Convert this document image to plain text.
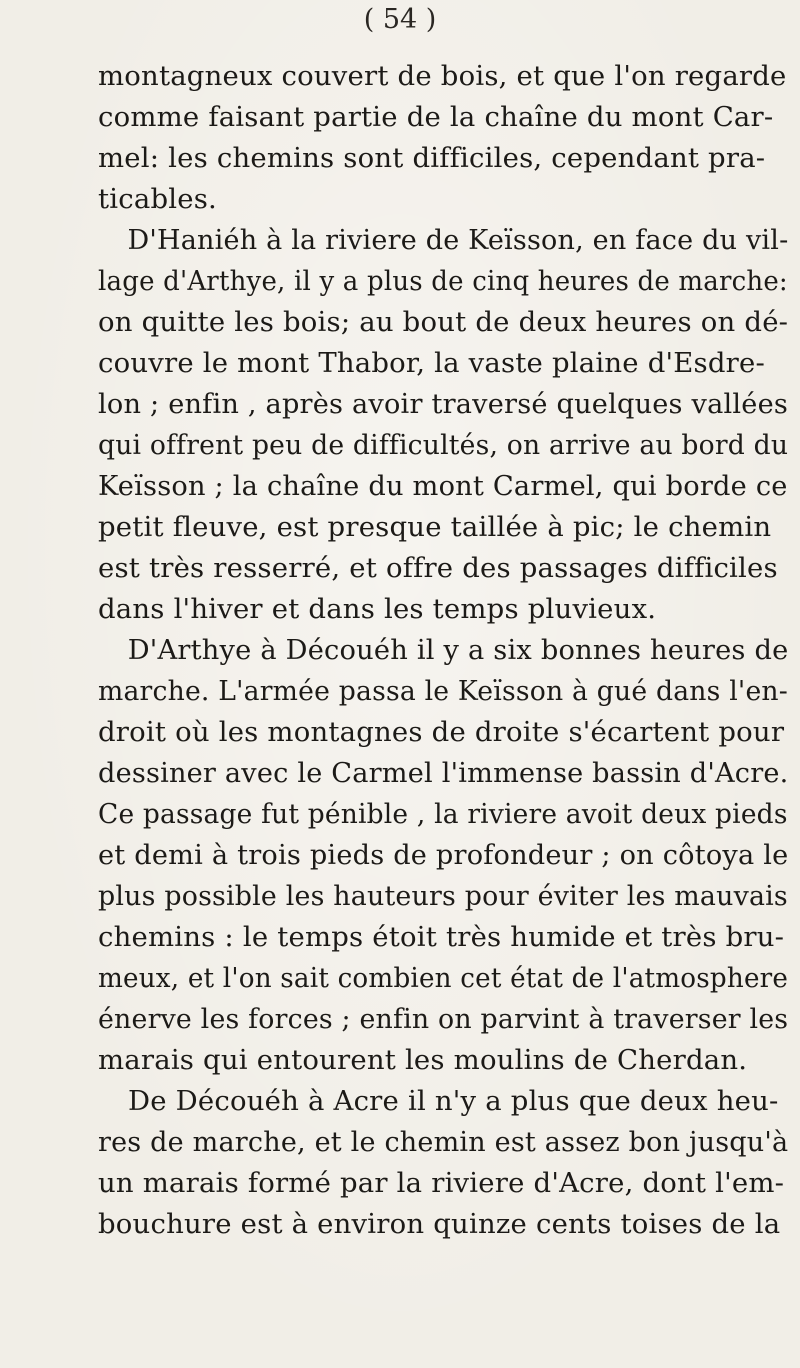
( 54 )
montagneux couvert de bois, et que l'on regarde
comme faisant partie de la chaîne du mont Car-
mel: les chemins sont difficiles, cependant pra-
ticables.
D'Haniéh à la riviere de Keïsson, en face du vil-
lage d'Arthye, il y a plus de cinq heures de marche:
on quitte les bois; au bout de deux heures on dé-
couvre le mont Thabor, la vaste plaine d'Esdre-
lon ; enfin , après avoir traversé quelques vallées
qui offrent peu de difficultés, on arrive au bord du
Keïsson ; la chaîne du mont Carmel, qui borde ce
petit fleuve, est presque taillée à pic; le chemin
est très resserré, et offre des passages difficiles
dans l'hiver et dans les temps pluvieux.
D'Arthye à Découéh il y a six bonnes heures de
marche. L'armée passa le Keïsson à gué dans l'en-
droit où les montagnes de droite s'écartent pour
dessiner avec le Carmel l'immense bassin d'Acre.
Ce passage fut pénible , la riviere avoit deux pieds
et demi à trois pieds de profondeur ; on côtoya le
plus possible les hauteurs pour éviter les mauvais
chemins : le temps étoit très humide et très bru-
meux, et l'on sait combien cet état de l'atmosphere
énerve les forces ; enfin on parvint à traverser les
marais qui entourent les moulins de Cherdan.
De Découéh à Acre il n'y a plus que deux heu-
res de marche, et le chemin est assez bon jusqu'à
un marais formé par la riviere d'Acre, dont l'em-
bouchure est à environ quinze cents toises de la
